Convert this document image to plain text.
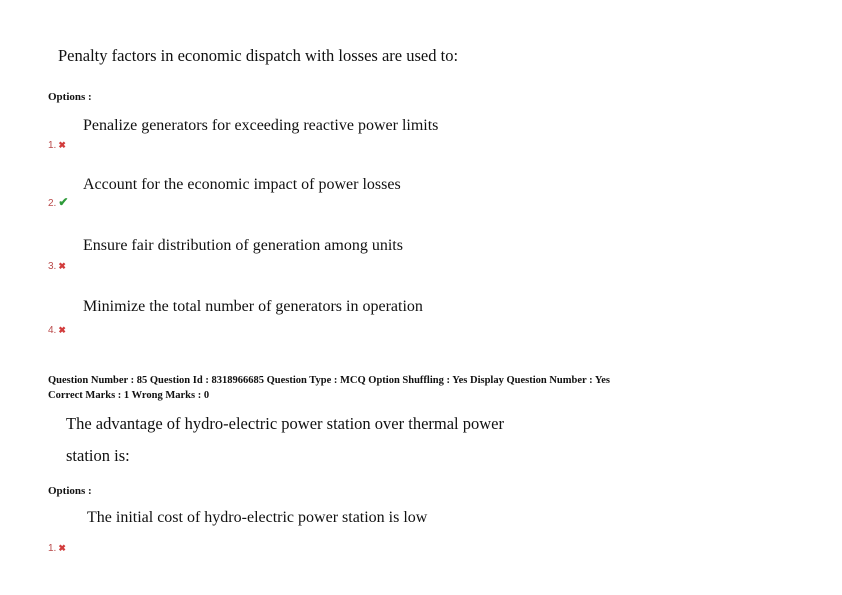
Penalty factors in economic dispatch with losses are used to:
Options :
Penalize generators for exceeding reactive power limits
1. ✖
Account for the economic impact of power losses
2. ✔
Ensure fair distribution of generation among units
3. ✖
Minimize the total number of generators in operation
4. ✖
Question Number : 85 Question Id : 8318966685 Question Type : MCQ Option Shuffling : Yes Display Question Number : Yes
Correct Marks : 1 Wrong Marks : 0
The advantage of hydro-electric power station over thermal power
station is:
Options :
The initial cost of hydro-electric power station is low
1. ✖
